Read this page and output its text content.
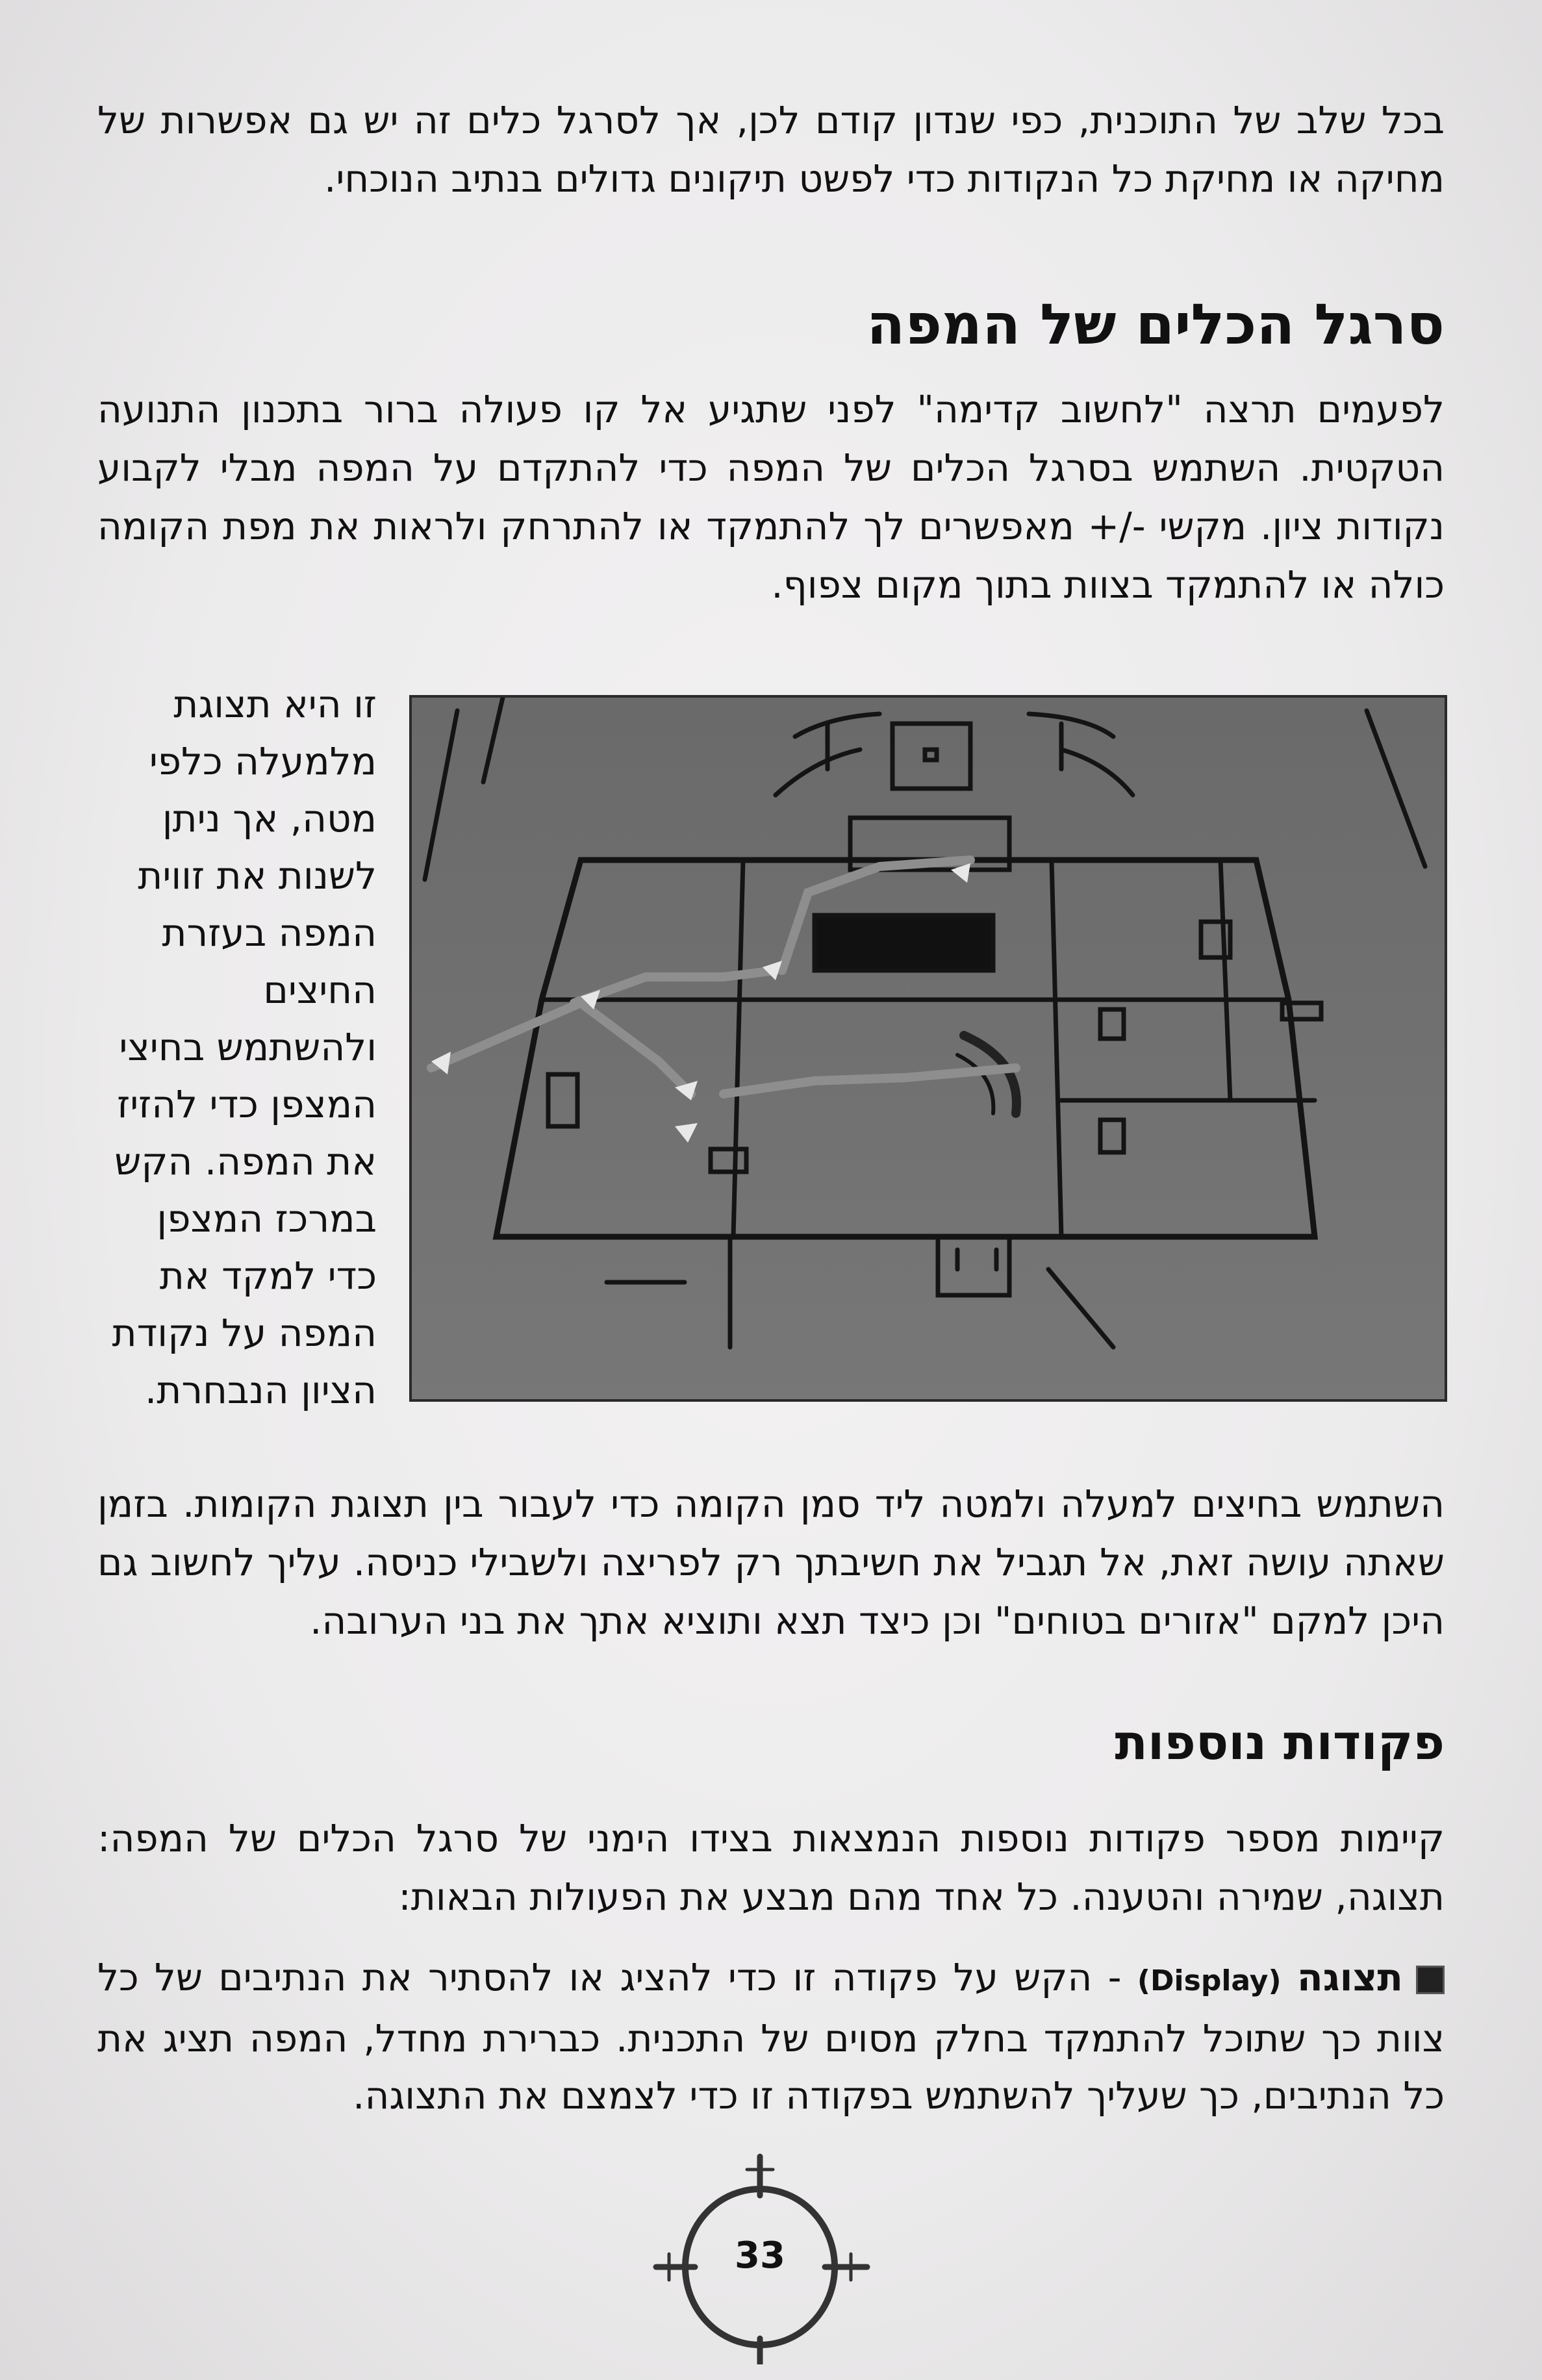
בכל שלב של התוכנית, כפי שנדון קודם לכן, אך לסרגל כלים זה יש גם אפשרות של מחיקה או מחיקת כל הנקודות כדי לפשט תיקונים גדולים בנתיב הנוכחי.

סרגל הכלים של המפה

לפעמים תרצה "לחשוב קדימה" לפני שתגיע אל קו פעולה ברור בתכנון התנועה הטקטית. השתמש בסרגל הכלים של המפה כדי להתקדם על המפה מבלי לקבוע נקודות ציון. מקשי -/+ מאפשרים לך להתמקד או להתרחק ולראות את מפת הקומה כולה או להתמקד בצוות בתוך מקום צפוף.

זו היא תצוגת מלמעלה כלפי מטה, אך ניתן לשנות את זווית המפה בעזרת החיצים ולהשתמש בחיצי המצפן כדי להזיז את המפה. הקש במרכז המצפן כדי למקד את המפה על נקודת הציון הנבחרת.

השתמש בחיצים למעלה ולמטה ליד סמן הקומה כדי לעבור בין תצוגת הקומות. בזמן שאתה עושה זאת, אל תגביל את חשיבתך רק לפריצה ולשבילי כניסה. עליך לחשוב גם היכן למקם "אזורים בטוחים" וכן כיצד תצא ותוציא אתך את בני הערובה.

פקודות נוספות

קיימות מספר פקודות נוספות הנמצאות בצידו הימני של סרגל הכלים של המפה: תצוגה, שמירה והטענה. כל אחד מהם מבצע את הפעולות הבאות:

תצוגה (Display) - הקש על פקודה זו כדי להציג או להסתיר את הנתיבים של כל צוות כך שתוכל להתמקד בחלק מסוים של התכנית. כברירת מחדל, המפה תציג את כל הנתיבים, כך שעליך להשתמש בפקודה זו כדי לצמצם את התצוגה.
33
